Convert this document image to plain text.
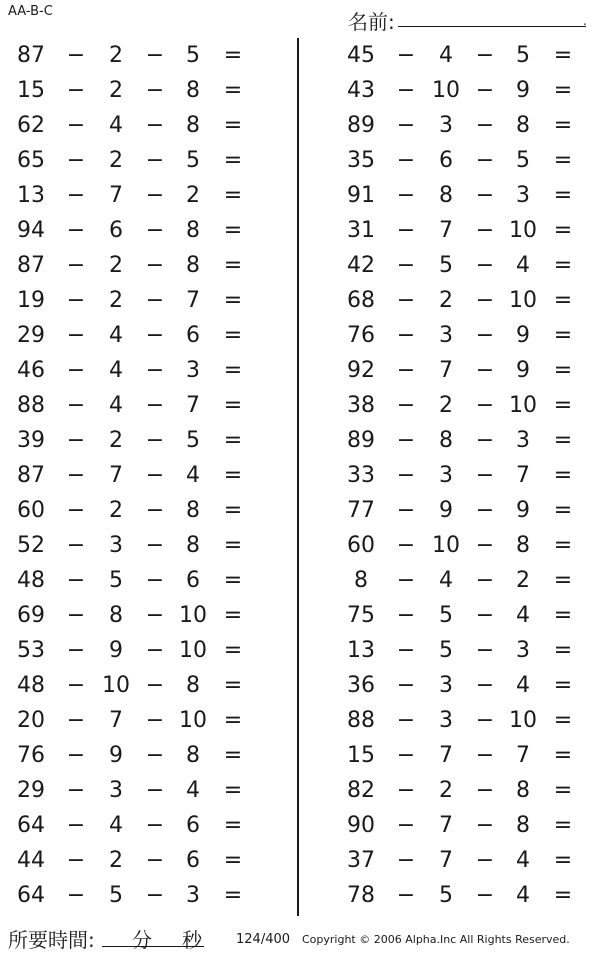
AA-B-C	名前:	.
87 −	2	− 5	=
15 −	2	− 8	=
62 −	4	− 8	=
65 −	2	− 5	=
13 −	7	− 2	=
94 −	6	− 8	=
87 −	2	− 8	=
19 −	2	− 7	=
29 −	4	− 6	=
46 −	4	− 3	=
88 −	4	− 7	=
39 −	2	− 5	=
87 −	7	− 4	=
60 −	2	− 8	=
52 −	3	− 8	=
48 −	5	− 6	=
69 −	8	− 10 =
53 −	9	− 10 =
48 − 10 − 8	=
20 −	7	− 10 =
76 −	9	− 8	=
29 −	3	− 4	=
64 −	4	− 6	=
44 −	2	− 6	=
64 −	5	− 3	=
45 −	4	− 5	=
43 − 10 − 9	=
89 −	3	− 8	=
35 −	6	− 5	=
91 −	8	− 3	=
31 −	7	− 10 =
42 −	5	− 4	=
68 −	2	− 10 =
76 −	3	− 9	=
92 −	7	− 9	=
38 −	2	− 10 =
89 −	8	− 3	=
33 −	3	− 7	=
77 −	9	− 9	=
60 − 10 − 8	=
8	−	4	− 2	=
75 −	5	− 4	=
13 −	5	− 3	=
36 −	3	− 4	=
88 −	3	− 10 =
15 −	7	− 7	=
82 −	2	− 8	=
90 −	7	− 8	=
37 −	7	− 4	=
78 −	5	− 4	=
所要時間: 分 秒	124/400 Copyright © 2006 Alpha.Inc All Rights Reserved.
